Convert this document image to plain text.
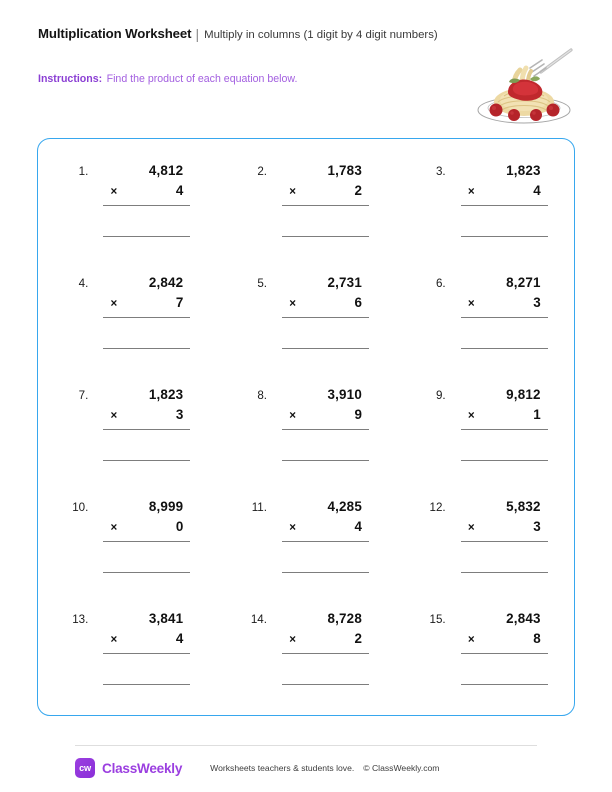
Multiplication Worksheet | Multiply in columns (1 digit by 4 digit numbers)
Instructions: Find the product of each equation below.
1.	4,812
×	4
2.	1,783
×	2
3.	1,823
×	4
4.	2,842
×	7
5.	2,731
×	6
6.	8,271
×	3
7.	1,823
×	3
8.	3,910
×	9
9.	9,812
×	1
10.	8,999
×	0
11.	4,285
×	4
12.	5,832
×	3
13.	3,841
×	4
14.	8,728
×	2
15.	2,843
×	8
cw ClassWeekly	Worksheets teachers & students love. © ClassWeekly.com
